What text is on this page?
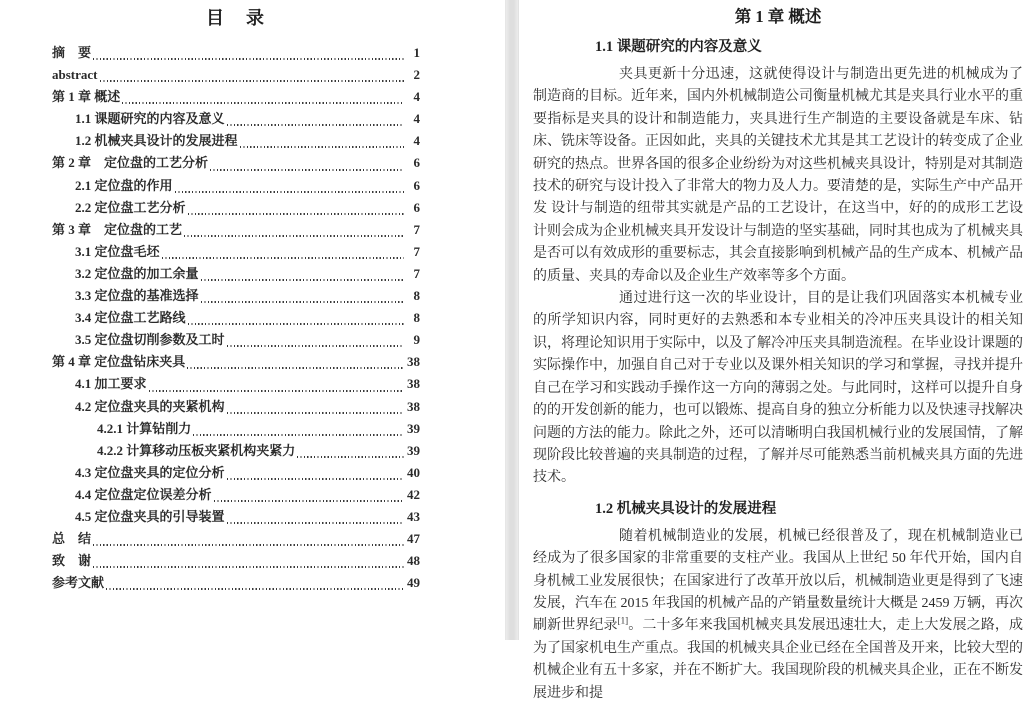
目　录
摘　要	1
abstract	2
第 1 章 概述	4
1.1 课题研究的内容及意义	4
1.2 机械夹具设计的发展进程	4
第 2 章　定位盘的工艺分析	6
2.1 定位盘的作用	6
2.2 定位盘工艺分析	6
第 3 章　定位盘的工艺	7
3.1 定位盘毛坯	7
3.2 定位盘的加工余量	7
3.3 定位盘的基准选择	8
3.4 定位盘工艺路线	8
3.5 定位盘切削参数及工时	9
第 4 章 定位盘钻床夹具	38
4.1 加工要求	38
4.2 定位盘夹具的夹紧机构	38
4.2.1 计算钻削力	39
4.2.2 计算移动压板夹紧机构夹紧力	39
4.3 定位盘夹具的定位分析	40
4.4 定位盘定位误差分析	42
4.5 定位盘夹具的引导装置	43
总　结	47
致　谢	48
参考文献	49
第 1 章 概述
1.1 课题研究的内容及意义

夹具更新十分迅速，这就使得设计与制造出更先进的机械成为了制造商的目标。近年来，国内外机械制造公司衡量机械尤其是夹具行业水平的重要指标是夹具的设计和制造能力，夹具进行生产制造的主要设备就是车床、钻床、铣床等设备。正因如此，夹具的关键技术尤其是其工艺设计的转变成了企业研究的热点。世界各国的很多企业纷纷为对这些机械夹具设计，特别是对其制造技术的研究与设计投入了非常大的物力及人力。要清楚的是，实际生产中产品开发 设计与制造的纽带其实就是产品的工艺设计，在这当中，好的的成形工艺设计则会成为企业机械夹具开发设计与制造的坚实基础，同时其也成为了机械夹具是否可以有效成形的重要标志，其会直接影响到机械产品的生产成本、机械产品的质量、夹具的寿命以及企业生产效率等多个方面。

通过进行这一次的毕业设计，目的是让我们巩固落实本机械专业的所学知识内容，同时更好的去熟悉和本专业相关的冷冲压夹具设计的相关知识，将理论知识用于实际中，以及了解冷冲压夹具制造流程。在毕业设计课题的实际操作中，加强自自己对于专业以及课外相关知识的学习和掌握，寻找并提升自己在学习和实践动手操作这一方向的薄弱之处。与此同时，这样可以提升自身的的开发创新的能力，也可以锻炼、提高自身的独立分析能力以及快速寻找解决问题的方法的能力。除此之外，还可以清晰明白我国机械行业的发展国情，了解现阶段比较普遍的夹具制造的过程，了解并尽可能熟悉当前机械夹具方面的先进技术。

1.2 机械夹具设计的发展进程

随着机械制造业的发展，机械已经很普及了，现在机械制造业已经成为了很多国家的非常重要的支柱产业。我国从上世纪 50 年代开始，国内自身机械工业发展很快；在国家进行了改革开放以后，机械制造业更是得到了飞速发展，汽车在 2015 年我国的机械产品的产销量数量统计大概是 2459 万辆，再次刷新世界纪录[1]。二十多年来我国机械夹具发展迅速壮大，走上大发展之路，成为了国家机电生产重点。我国的机械夹具企业已经在全国普及开来，比较大型的机械企业有五十多家，并在不断扩大。我国现阶段的机械夹具企业，正在不断发展进步和提
